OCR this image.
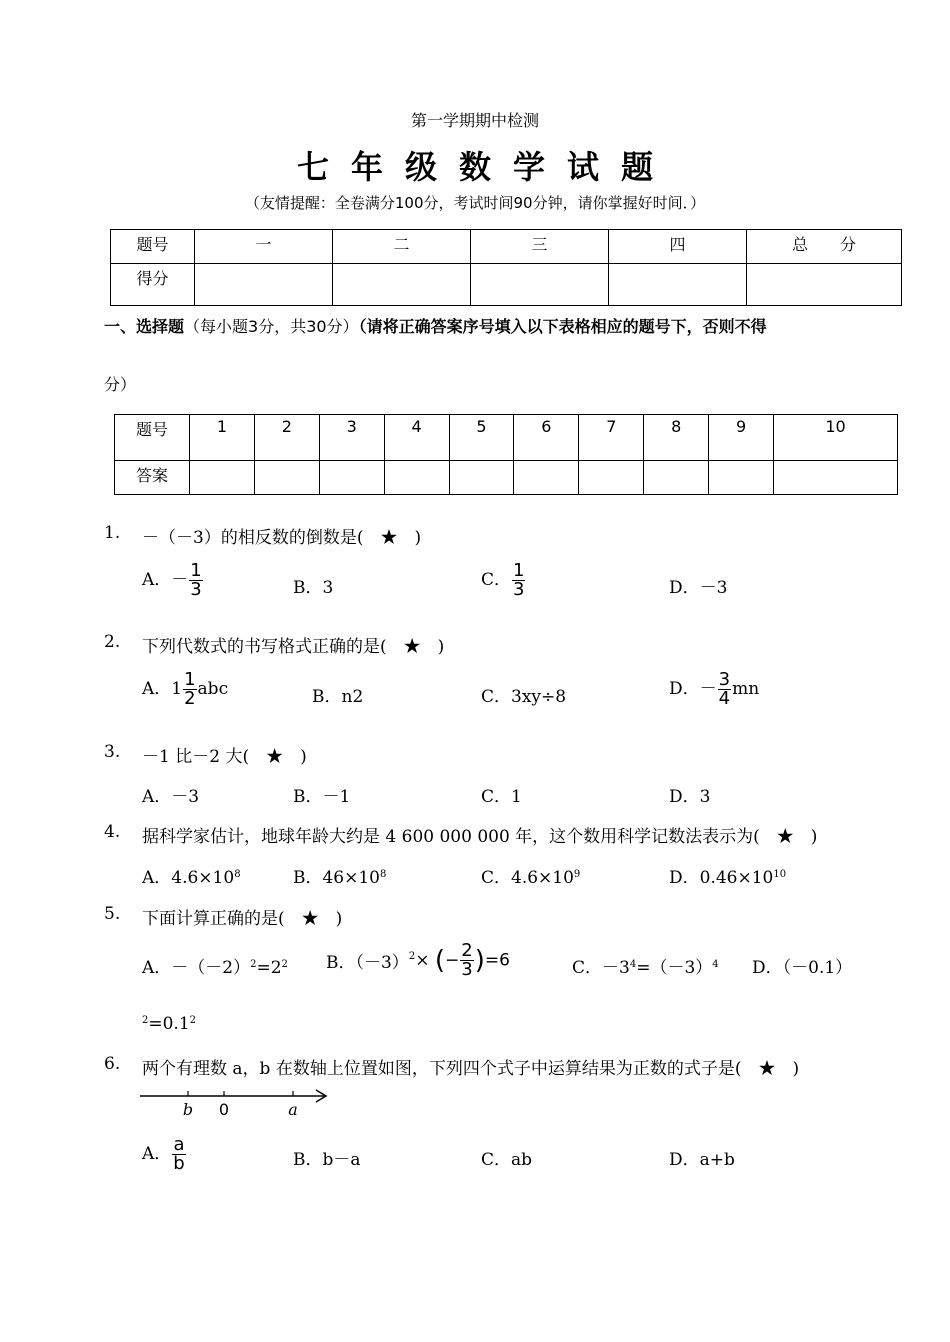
第一学期期中检测
七年级数学试题
（友情提醒：全卷满分100分，考试时间90分钟，请你掌握好时间．）
题号	一	二	三	四	总　　分
得分					
一、选择题（每小题3分，共30分）（请将正确答案序号填入以下表格相应的题号下，否则不得
分）
题号	1	2	3	4	5	6	7	8	9	10
答案										
1. －（－3）的相反数的倒数是(　★　)
A．－ $\frac{1}{3}$	B．3	C． $\frac{1}{3}$	D．－3
2. 下列代数式的书写格式正确的是(　★　)
A．$1 \frac{1}{2}$ abc	B．n2	C．3xy÷8	D．－ $\frac{3}{4}$ mn
3. －1 比－2 大(　★　)
A．－3	B．－1	C．1	D．3
4. 据科学家估计，地球年龄大约是 4 600 000 000 年，这个数用科学记数法表示为(　★　)
A．$4.6\times 10^8$	B．$46\times 10^8$	C．$4.6\times 10^9$	D．$0.46\times 10^{10}$
5. 下面计算正确的是(　★　)
A．$-(-2)^2=2^2$ B．$(-3)^2\times$ (− $\frac{2}{3} )=6$	C．$-3^4=(-3)^4$ D．（－0.1）
$^2=0.1^2$
6. 两个有理数 a，b 在数轴上位置如图，下列四个式子中运算结果为正数的式子是(　★　)
b 0	a
A． $\frac{a}{b}$	B．b－a	C．ab	D．a+b
